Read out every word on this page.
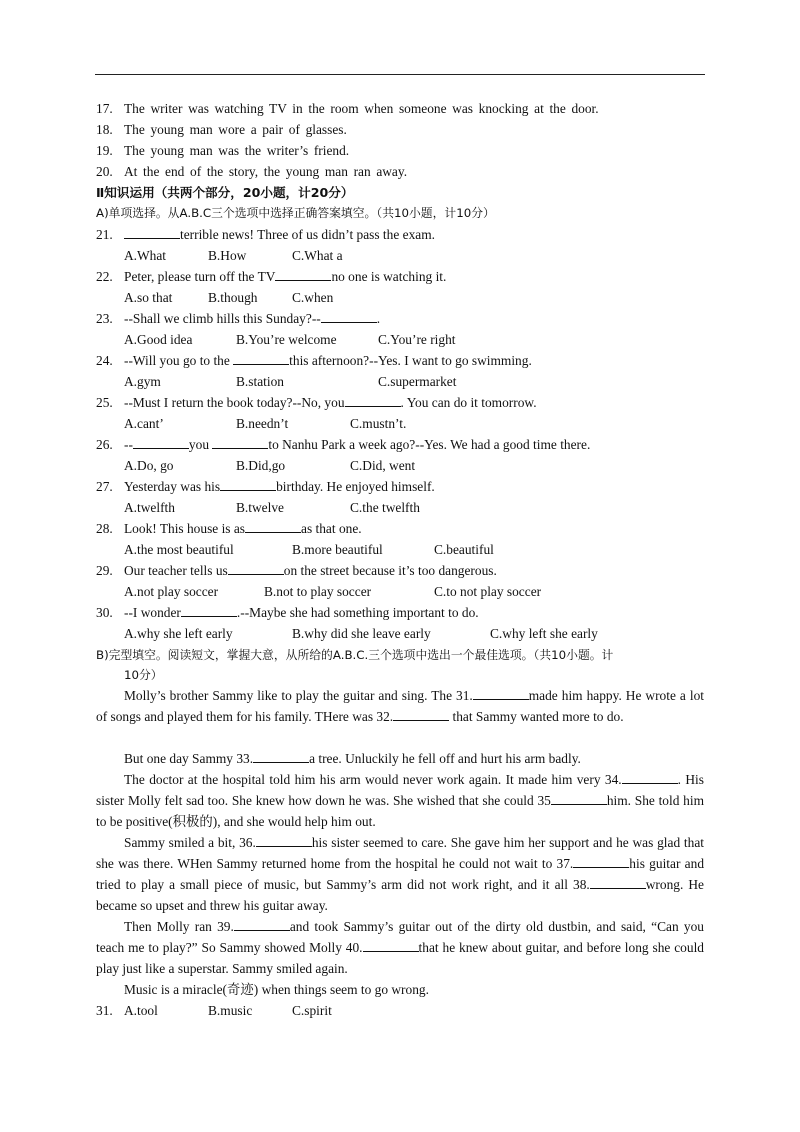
17. The writer was watching TV in the room when someone was knocking at the door.
18. The young man wore a pair of glasses.
19. The young man was the writer’s friend.
20. At the end of the story, the young man ran away.
Ⅱ知识运用（共两个部分，20小题，计20分）
A)单项选择。从A.B.C三个选项中选择正确答案填空。（共10小题，计10分）
21.	terrible news! Three of us didn’t pass the exam.
A.What	B.How	C.What a
22. Peter, please turn off the TV	no one is watching it.
A.so that	B.though	C.when
23. --Shall we climb hills this Sunday?--	.
A.Good idea	B.You’re welcome	C.You’re right
24. --Will you go to the	this afternoon?--Yes. I want to go swimming.
A.gym	B.station	C.supermarket
25. --Must I return the book today?--No, you	. You can do it tomorrow.
A.cant’	B.needn’t	C.mustn’t.
26. --	you	to Nanhu Park a week ago?--Yes. We had a good time there.
A.Do, go	B.Did,go	C.Did, went
27. Yesterday was his	birthday. He enjoyed himself.
A.twelfth	B.twelve	C.the twelfth
28. Look! This house is as	as that one.
A.the most beautiful	B.more beautiful	C.beautiful
29. Our teacher tells us	on the street because it’s too dangerous.
A.not play soccer	B.not to play soccer	C.to not play soccer
30. --I wonder	.--Maybe she had something important to do.
A.why she left early	B.why did she leave early	C.why left she early
B)完型填空。阅读短文，掌握大意，从所给的A.B.C.三个选项中选出一个最佳选项。（共10小题。计
10分）
Molly’s brother Sammy like to play the guitar and sing. The 31.	made him happy. He wrote a lot of songs and played them for his family. THere was 32.	that Sammy wanted more to do.
But one day Sammy 33.	a tree. Unluckily he fell off and hurt his arm badly.
The doctor at the hospital told him his arm would never work again. It made him very 34.	. His sister Molly felt sad too. She knew how down he was. She wished that she could 35	him. She told him to be positive(积极的), and she would help him out.
Sammy smiled a bit, 36.	his sister seemed to care. She gave him her support and he was glad that she was there. WHen Sammy returned home from the hospital he could not wait to 37.	his guitar and tried to play a small piece of music, but Sammy’s arm did not work right, and it all 38.	wrong. He became so upset and threw his guitar away.
Then Molly ran 39.	and took Sammy’s guitar out of the dirty old dustbin, and said, “Can you teach me to play?” So Sammy showed Molly 40.	that he knew about guitar, and before long she could play just like a superstar. Sammy smiled again.
Music is a miracle(奇迹) when things seem to go wrong.
31. A.tool	B.music	C.spirit
